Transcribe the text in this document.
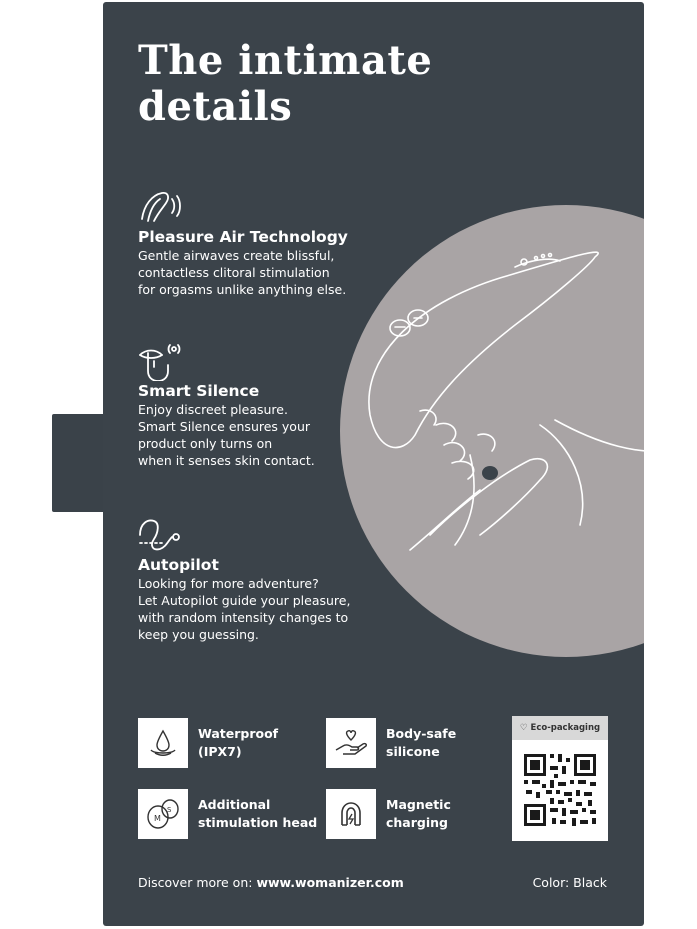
The intimate
details
Pleasure Air Technology

Gentle airwaves create blissful,
contactless clitoral stimulation
for orgasms unlike anything else.

Smart Silence

Enjoy discreet pleasure.
Smart Silence ensures your
product only turns on
when it senses skin contact.

Autopilot

Looking for more adventure?
Let Autopilot guide your pleasure,
with random intensity changes to
keep you guessing.

Waterproof
(IPX7)
Body-safe
silicone
M
S Additional
stimulation head
Magnetic
charging
♡ Eco-packaging
Discover more on: www.womanizer.com	Color: Black
